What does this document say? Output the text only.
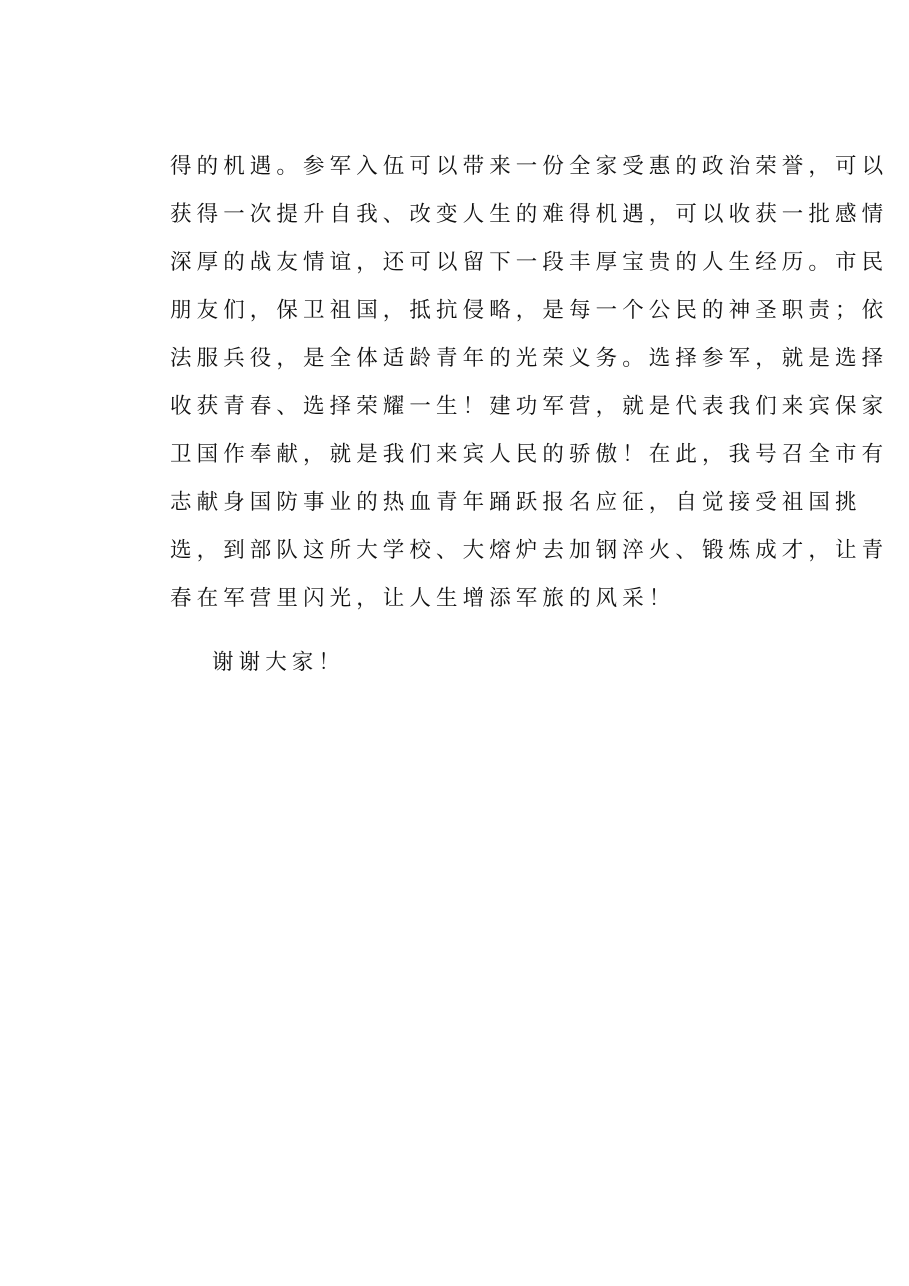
得的机遇。参军入伍可以带来一份全家受惠的政治荣誉，可以
获得一次提升自我、改变人生的难得机遇，可以收获一批感情
深厚的战友情谊，还可以留下一段丰厚宝贵的人生经历。市民
朋友们，保卫祖国，抵抗侵略，是每一个公民的神圣职责；依
法服兵役，是全体适龄青年的光荣义务。选择参军，就是选择
收获青春、选择荣耀一生！建功军营，就是代表我们来宾保家
卫国作奉献，就是我们来宾人民的骄傲！在此，我号召全市有
志献身国防事业的热血青年踊跃报名应征，自觉接受祖国挑
选，到部队这所大学校、大熔炉去加钢淬火、锻炼成才，让青
春在军营里闪光，让人生增添军旅的风采！
谢谢大家！
